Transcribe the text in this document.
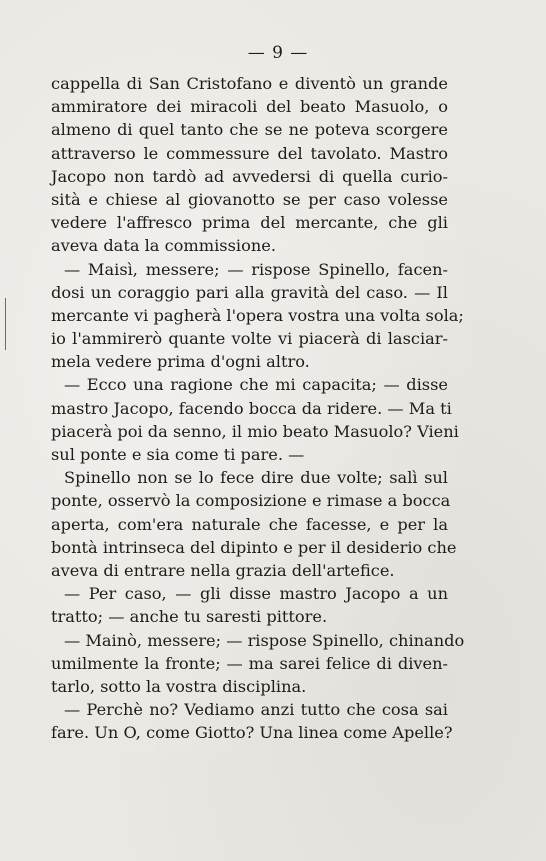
— 9 —
cappella di San Cristofano e diventò un grande
ammiratore dei miracoli del beato Masuolo, o
almeno di quel tanto che se ne poteva scorgere
attraverso le commessure del tavolato. Mastro
Jacopo non tardò ad avvedersi di quella curio-
sità e chiese al giovanotto se per caso volesse
vedere l'affresco prima del mercante, che gli
aveva data la commissione.
— Maisì, messere; — rispose Spinello, facen-
dosi un coraggio pari alla gravità del caso. — Il
mercante vi pagherà l'opera vostra una volta sola;
io l'ammirerò quante volte vi piacerà di lasciar-
mela vedere prima d'ogni altro.
— Ecco una ragione che mi capacita; — disse
mastro Jacopo, facendo bocca da ridere. — Ma ti
piacerà poi da senno, il mio beato Masuolo? Vieni
sul ponte e sia come ti pare. —
Spinello non se lo fece dire due volte; salì sul
ponte, osservò la composizione e rimase a bocca
aperta, com'era naturale che facesse, e per la
bontà intrinseca del dipinto e per il desiderio che
aveva di entrare nella grazia dell'artefice.
— Per caso, — gli disse mastro Jacopo a un
tratto; — anche tu saresti pittore.
— Mainò, messere; — rispose Spinello, chinando
umilmente la fronte; — ma sarei felice di diven-
tarlo, sotto la vostra disciplina.
— Perchè no? Vediamo anzi tutto che cosa sai
fare. Un O, come Giotto? Una linea come Apelle?
